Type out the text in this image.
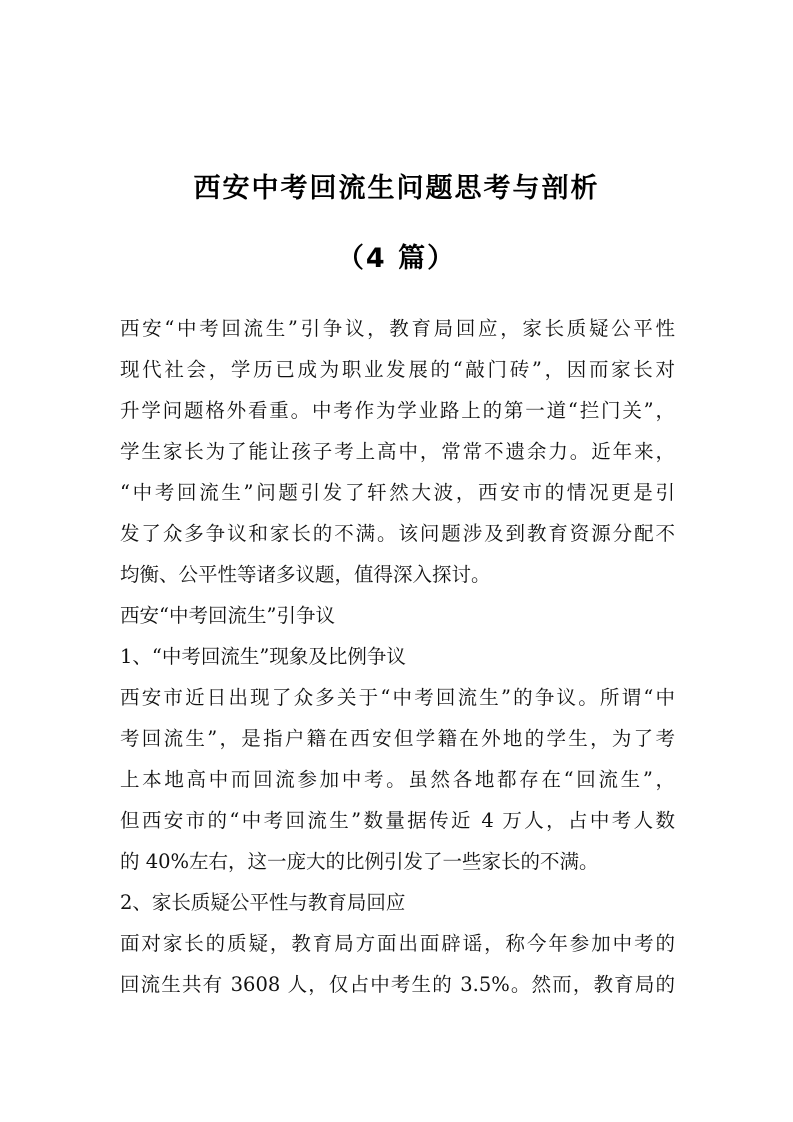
西安中考回流生问题思考与剖析
（4 篇）
西安“中考回流生”引争议，教育局回应，家长质疑公平性
现代社会，学历已成为职业发展的“敲门砖”，因而家长对
升学问题格外看重。中考作为学业路上的第一道“拦门关”，
学生家长为了能让孩子考上高中，常常不遗余力。近年来，
“中考回流生”问题引发了轩然大波，西安市的情况更是引
发了众多争议和家长的不满。该问题涉及到教育资源分配不
均衡、公平性等诸多议题，值得深入探讨。
西安“中考回流生”引争议
1、“中考回流生”现象及比例争议
西安市近日出现了众多关于“中考回流生”的争议。所谓“中
考回流生”，是指户籍在西安但学籍在外地的学生，为了考
上本地高中而回流参加中考。虽然各地都存在“回流生”，
但西安市的“中考回流生”数量据传近 4 万人，占中考人数
的 40%左右，这一庞大的比例引发了一些家长的不满。
2、家长质疑公平性与教育局回应
面对家长的质疑，教育局方面出面辟谣，称今年参加中考的
回流生共有 3608 人，仅占中考生的 3.5%。然而，教育局的
